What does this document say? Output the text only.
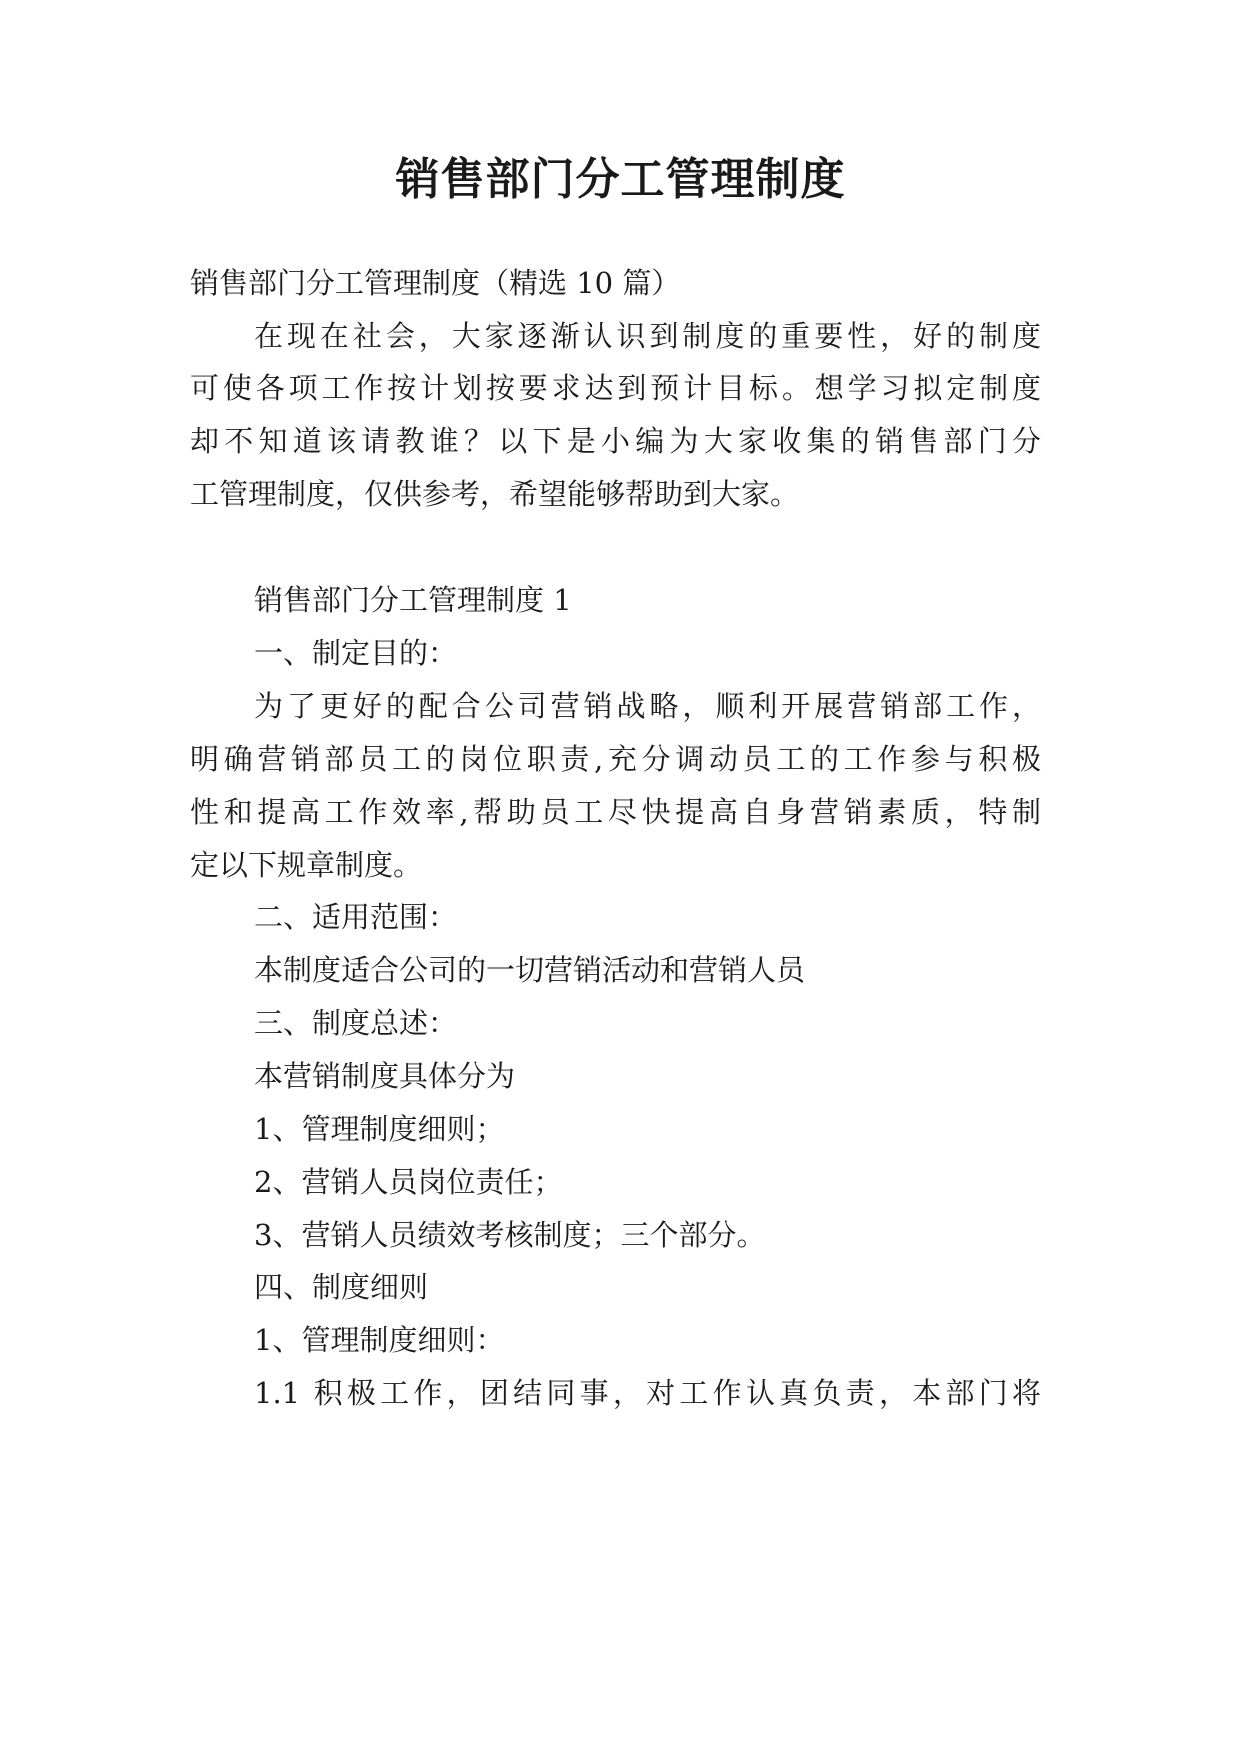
销售部门分工管理制度

销售部门分工管理制度（精选 10 篇）

在现在社会，大家逐渐认识到制度的重要性，好的制度

可使各项工作按计划按要求达到预计目标。想学习拟定制度

却不知道该请教谁？以下是小编为大家收集的销售部门分

工管理制度，仅供参考，希望能够帮助到大家。

销售部门分工管理制度 1

一、制定目的：

为了更好的配合公司营销战略，顺利开展营销部工作，

明确营销部员工的岗位职责,充分调动员工的工作参与积极

性和提高工作效率,帮助员工尽快提高自身营销素质，特制

定以下规章制度。

二、适用范围：

本制度适合公司的一切营销活动和营销人员

三、制度总述：

本营销制度具体分为

1、管理制度细则；

2、营销人员岗位责任；

3、营销人员绩效考核制度；三个部分。

四、制度细则

1、管理制度细则：

1.1 积极工作，团结同事，对工作认真负责，本部门将
